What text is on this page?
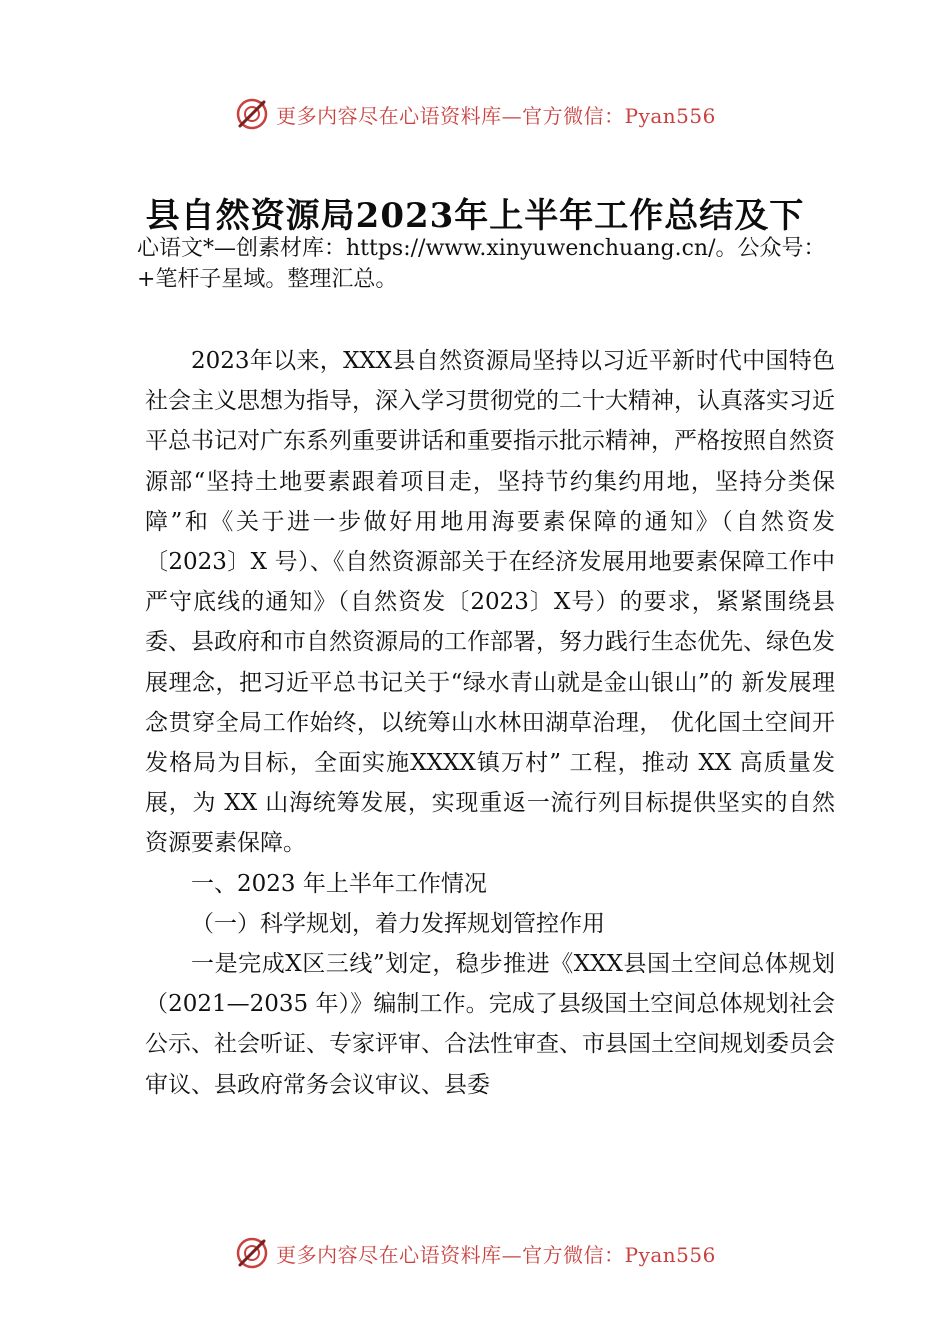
更多内容尽在心语资料库—官方微信：Pyan556
县自然资源局2023年上半年工作总结及下
心语文*—创素材库：https://www.xinyuwenchuang.cn/。公众号：+笔杆子星域。整理汇总。

2023年以来，XXX县自然资源局坚持以习近平新时代中国特色社会主义思想为指导，深入学习贯彻党的二十大精神，认真落实习近平总书记对广东系列重要讲话和重要指示批示精神，严格按照自然资源部“坚持土地要素跟着项目走，坚持节约集约用地，坚持分类保障”和《关于进一步做好用地用海要素保障的通知》（自然资发〔2023〕X 号）、《自然资源部关于在经济发展用地要素保障工作中严守底线的通知》（自然资发〔2023〕X号）的要求，紧紧围绕县委、县政府和市自然资源局的工作部署，努力践行生态优先、绿色发 展理念，把习近平总书记关于“绿水青山就是金山银山”的 新发展理念贯穿全局工作始终，以统筹山水林田湖草治理， 优化国土空间开发格局为目标，全面实施XXXX镇万村” 工程，推动 XX 高质量发展，为 XX 山海统筹发展，实现重返一流行列目标提供坚实的自然资源要素保障。

一、2023 年上半年工作情况

（一）科学规划，着力发挥规划管控作用

一是完成X区三线”划定，稳步推进《XXX县国土空间总体规划（2021—2035 年）》编制工作。完成了县级国土空间总体规划社会公示、社会听证、专家评审、合法性审查、市县国土空间规划委员会审议、县政府常务会议审议、县委

更多内容尽在心语资料库—官方微信：Pyan556
